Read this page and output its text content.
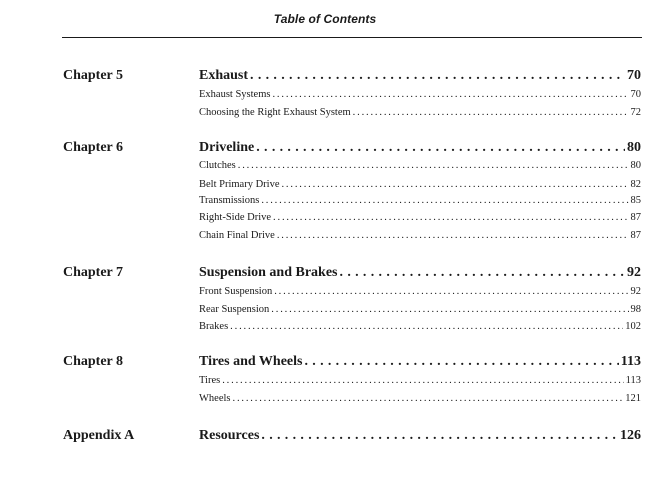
Table of Contents
Chapter 5	Exhaust . . .	70
Exhaust Systems . . .	70
Choosing the Right Exhaust System . . .	72
Chapter 6	Driveline . . .	80
Clutches . . .	80
Belt Primary Drive . . .	82
Transmissions . . .	85
Right-Side Drive . . .	87
Chain Final Drive . . .	87
Chapter 7	Suspension and Brakes . . .	92
Front Suspension . . .	92
Rear Suspension . . .	98
Brakes . . .	102
Chapter 8	Tires and Wheels . . .	113
Tires . . .	113
Wheels . . .	121
Appendix A	Resources . . .	126
